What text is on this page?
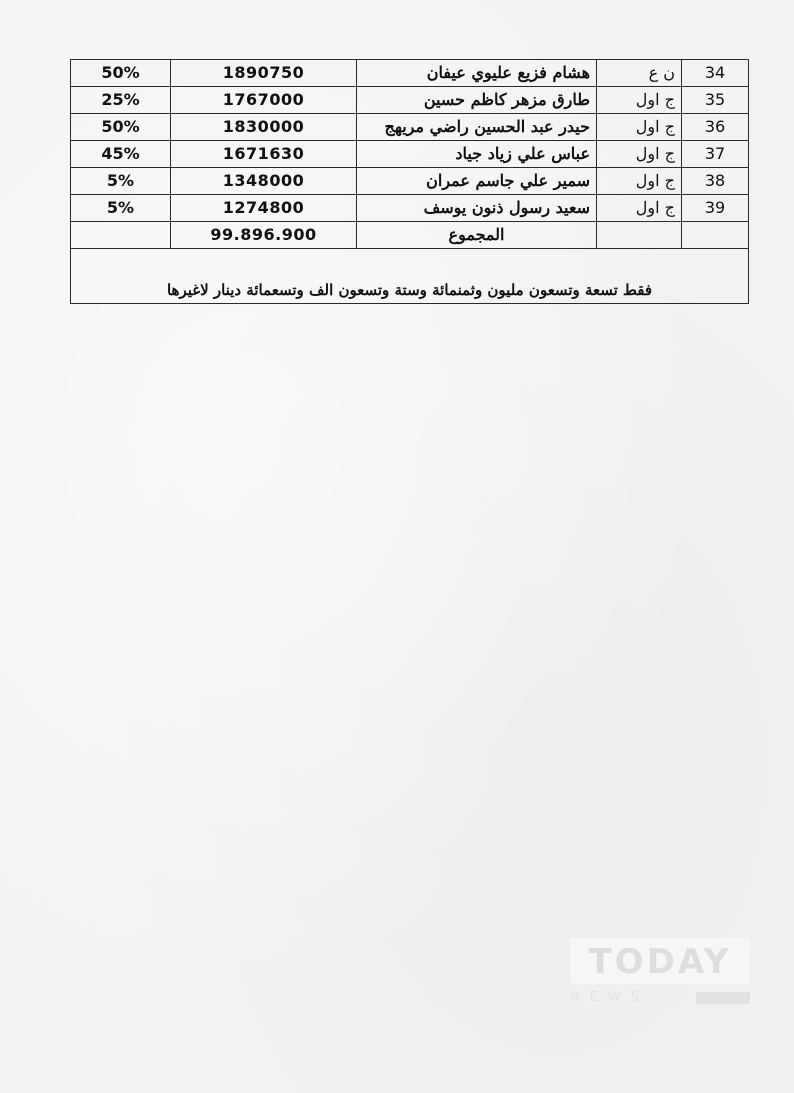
34	ن ع	هشام فزيع عليوي عيفان	1890750	50%
35	ج اول	طارق مزهر كاظم حسين	1767000	25%
36	ج اول	حيدر عبد الحسين راضي مريهج	1830000	50%
37	ج اول	عباس علي زياد جياد	1671630	45%
38	ج اول	سمير علي جاسم عمران	1348000	5%
39	ج اول	سعيد رسول ذنون يوسف	1274800	5%
		المجموع	99.896.900	
فقط تسعة وتسعون مليون وثمنمائة وستة وتسعون الف وتسعمائة دينار لاغيرها				
TODAY
NEWS
